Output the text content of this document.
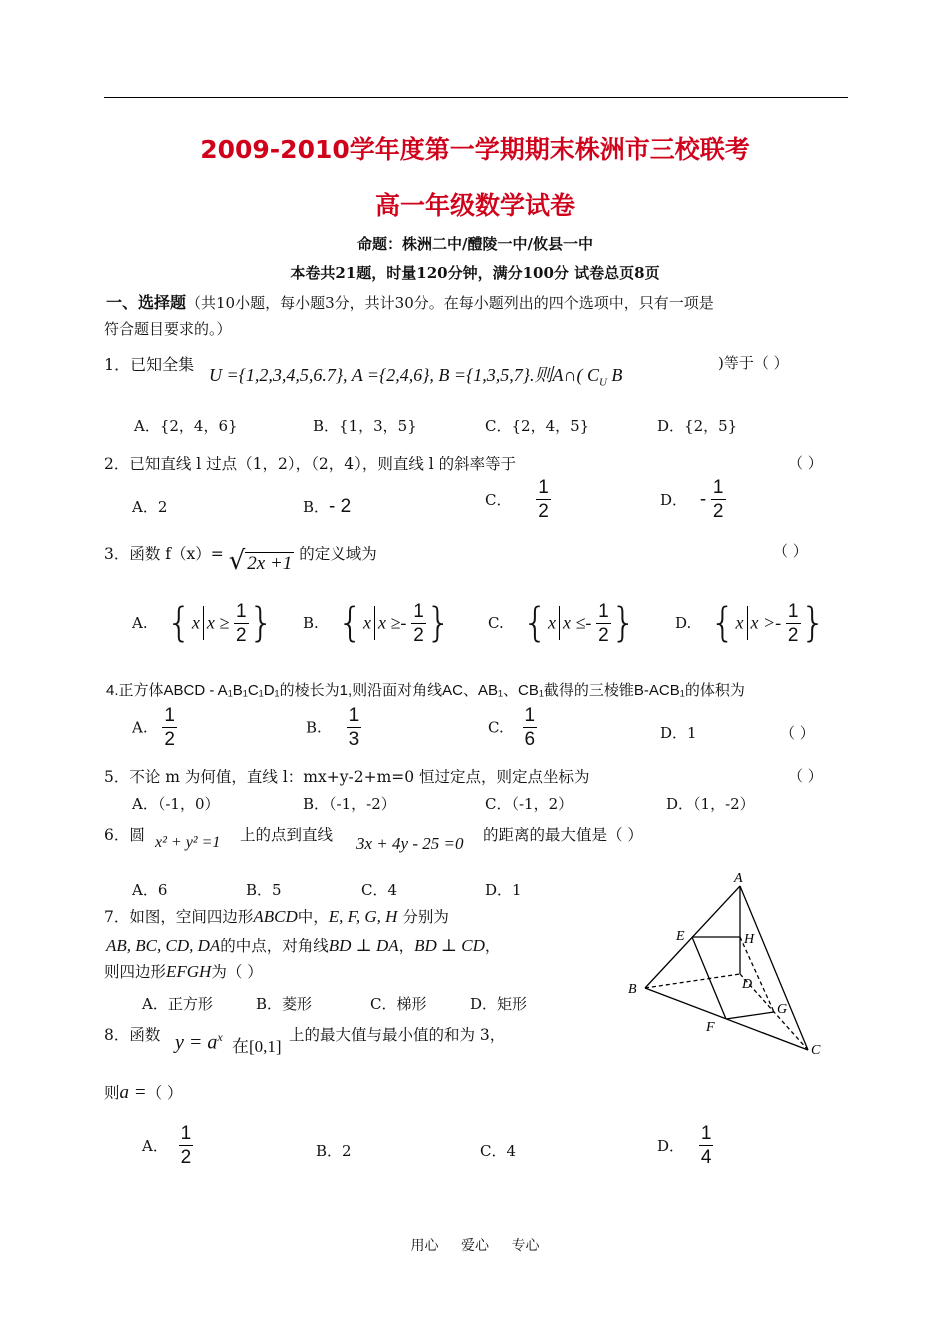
2009-2010学年度第一学期期末株洲市三校联考
高一年级数学试卷
命题：株洲二中/醴陵一中/攸县一中
本卷共21题，时量120分钟，满分100分 试卷总页8页
一、选择题（共10小题，每小题3分，共计30分。在每小题列出的四个选项中，只有一项是
符合题目要求的。）
1．已知全集
U ={1,2,3,4,5,6.7}, A ={2,4,6}, B ={1,3,5,7}.则A∩( $C_U$ B
)等于（ ）
A．{2，4，6}	B．{1，3，5}	C．{2，4，5}	D．{2，5}
2．已知直线 l 过点（1，2），（2，4），则直线 l 的斜率等于	（ ）
A．2	B．- 2	C． $\frac{1}{2}$	D． - $\frac{1}{2}$
3．函数 f（x）= √ 2x +1 的定义域为	（ ）
A. {x $x \ge \frac{1}{2}$ } B. {x $x \ge- \frac{1}{2}$ } C. {x $x \le- \frac{1}{2}$ }	D. {x $x >- \frac{1}{2}$ }
4.正方体ABCD - A₁B₁C₁D₁的棱长为1,则沿面对角线AC、AB₁、CB₁截得的三棱锥B-ACB₁的体积为
A. $\frac{1}{2}$	B. $\frac{1}{3}$	C. $\frac{1}{6}$	D．1	（ ）
5．不论 m 为何值，直线 l：mx+y-2+m=0 恒过定点，则定点坐标为	（ ）
A．（-1，0）	B．（-1，-2）	C．（-1，2）	D．（1，-2）
6．圆 x² + y² =1 上的点到直线 3x + 4y - 25 =0 的距离的最大值是（ ）
A．6	B．5	C．4	D．1
7．如图，空间四边形ABCD中，E, F, G, H 分别为
AB, BC, CD, DA的中点，对角线BD ⊥ DA，BD ⊥ CD，
则四边形EFGH为（ ）
A．正方形	B．菱形	C．梯形	D．矩形
A
E	H
B	D
G
F
C
8．函数 $y = a^x$ 在[0,1]
上的最大值与最小值的和为 3，
则a =（ ）
A． $\frac{1}{2}$	B．2	C．4	D． $\frac{1}{4}$
用心 爱心 专心
